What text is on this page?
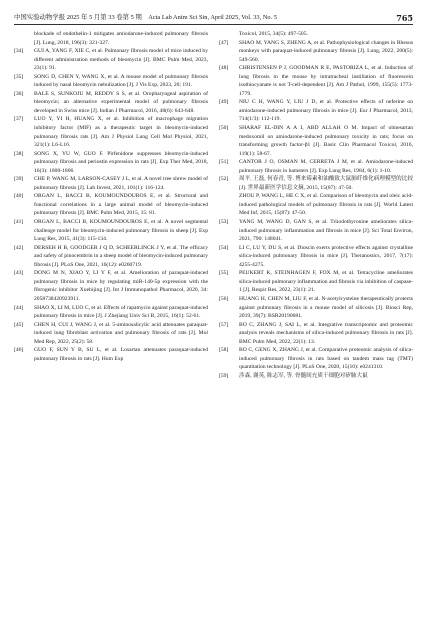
中国实验动物学报 2025 年 5 月第 33 卷第 5 期　Acta Lab Anim Sci Sin, April 2025, Vol. 33, No. 5	765
blockade of endothelin-1 mitigates amiodarone-induced pulmonary fibrosis [J]. Lung, 2018, 196(3): 321-327.
[34]	GUI A, YANG F, XIE C, et al. Pulmonary fibrosis model of mice induced by different administration methods of bleomycin [J]. BMC Pulm Med, 2023, 23(1): 91.
[35]	SONG D, CHEN Y, WANG X, et al. A mouse model of pulmonary fibrosis induced by nasal bleomycin nebulization [J]. J Vis Exp, 2023, 20; 191.
[36]	BALE S, SUNKOJU M, REDDY S S, et al. Oropharyngeal aspiration of bleomycin; an alternative experimental model of pulmonary fibrosis developed in Swiss mice [J]. Indian J Pharmacol, 2016, 48(6): 643-648.
[37]	LUO Y, YI H, HUANG X, et al. Inhibition of macrophage migration inhibitory factor (MIF) as a therapeutic target in bleomycin-induced pulmonary fibrosis rats [J]. Am J Physiol Lung Cell Mol Physiol, 2021, 321(1): L6-L16.
[38]	SONG X, YU W, GUO F. Pirfenidone suppresses bleomycin-induced pulmonary fibrosis and periostin expression in rats [J]. Exp Ther Med, 2018, 16(3): 1800-1806.
[39]	CHE P, WANG M, LARSON-CASEY J L, et al. A novel tree shrew model of pulmonary fibrosis [J]. Lab Invest, 2021, 101(1): 116-124.
[40]	ORGAN L, BACCI B, KOUMOUNDOUROS E, et al. Structural and functional correlations in a large animal model of bleomycin-induced pulmonary fibrosis [J]. BMC Pulm Med, 2015, 15: 81.
[41]	ORGAN L, BACCI B, KOUMOUNDOUROS E, et al. A novel segmental challenge model for bleomycin-induced pulmonary fibrosis in sheep [J]. Exp Lung Res, 2015, 41(3): 115-134.
[42]	DERSEH H B, GOODGER J Q D, SCHEERLINCK J Y, et al. The efficacy and safety of pinocembrin in a sheep model of bleomycin-induced pulmonary fibrosis [J]. PLoS One, 2021, 16(12): e0260719.
[43]	DONG M N, XIAO Y, LI Y F, et al. Amelioration of paraquat-induced pulmonary fibrosis in mice by regulating miR-140-5p expression with the fibrogenic inhibitor Xuebijing [J]. Int J Immunopathol Pharmacol, 2020, 34: 2058738420923911.
[44]	SHAO X, LI M, LUO C, et al. Effects of rapamycin against paraquat-induced pulmonary fibrosis in mice [J]. J Zhejiang Univ Sci B, 2015, 16(1): 52-61.
[45]	CHEN H, CUI J, WANG J, et al. 5-aminosalicylic acid attenuates paraquat-induced lung fibroblast activation and pulmonary fibrosis of rats [J]. Mol Med Rep, 2022, 25(2): 58.
[46]	GUO F, SUN Y B, SU L, et al. Losartan attenuates paraquat-induced pulmonary fibrosis in rats [J]. Hum Exp
Toxicol, 2015, 34(5): 497-505.
[47]	SHAO M, YANG S, ZHENG A, et al. Pathophysiological changes in Rhesus monkeys with paraquat-induced pulmonary fibrosis [J]. Lung, 2022, 200(5): 549-560.
[48]	CHRISTENSEN P J, GOODMAN R E, PASTORIZA L, et al. Induction of lung fibrosis in the mouse by intratracheal instillation of fluorescein isothiocyanate is not T-cell-dependent [J]. Am J Pathol, 1999, 155(5): 1773-1779.
[49]	NIU C H, WANG Y, LIU J D, et al. Protective effects of neferine on amiodarone-induced pulmonary fibrosis in mice [J]. Eur J Pharmacol, 2013, 714(1/3): 112-119.
[50]	SHARAF EL-DIN A A I, ABD ALLAH O M. Impact of olmesartan medoxomil on amiodarone-induced pulmonary toxicity in rats; focus on transforming growth factor-β1 [J]. Basic Clin Pharmacol Toxicol, 2016, 119(1): 58-67.
[51]	CANTOR J O, OSMAN M, CERRETA J M, et al. Amiodarone-induced pulmonary fibrosis in hamsters [J]. Exp Lung Res, 1984, 6(1): 1-10.
[52]	周平, 王磊, 何春青, 等. 博来霉素和油酸致大鼠肺纤维化病理模型的比较 [J]. 世界最新医学信息文摘, 2015, 15(87): 47-50.
ZHOU P, WANG L, HE C X, et al. Comparison of bleomycin and oleic acid-induced pathological models of pulmonary fibrosis in rats [J]. World Latest Med Inf, 2015, 15(87): 47-50.
[53]	YANG M, WANG D, GAN S, et al. Triiodothyronine ameliorates silica-induced pulmonary inflammation and fibrosis in mice [J]. Sci Total Environ, 2021, 790: 148041.
[54]	LI C, LU Y, DU S, et al. Dioscin exerts protective effects against crystalline silica-induced pulmonary fibrosis in mice [J]. Theranostics, 2017, 7(17): 4255-4275.
[55]	PEUKERT K, STEINHAGEN F, FOX M, et al. Tetracycline ameliorates silica-induced pulmonary inflammation and fibrosis via inhibition of caspase-1 [J]. Respir Res, 2022, 23(1): 21.
[56]	HUANG H, CHEN M, LIU F, et al. N-acetylcysteine therapeutically protects against pulmonary fibrosis in a mouse model of silicosis [J]. Biosci Rep, 2019, 39(7): BSR20190681.
[57]	BO C, ZHANG J, SAI L, et al. Integrative transcriptomic and proteomic analysis reveals mechanisms of silica-induced pulmonary fibrosis in rats [J]. BMC Pulm Med, 2022, 22(1): 13.
[58]	BO C, GENG X, ZHANG J, et al. Comparative proteomic analysis of silica-induced pulmonary fibrosis in rats based on tandem mass tag (TMT) quantitation technology [J]. PLoS One, 2020, 15(10): e0241310.
[59]	涉森, 谢英, 陈志军, 等. 骨髓间充质干细胞对矽肺大鼠
